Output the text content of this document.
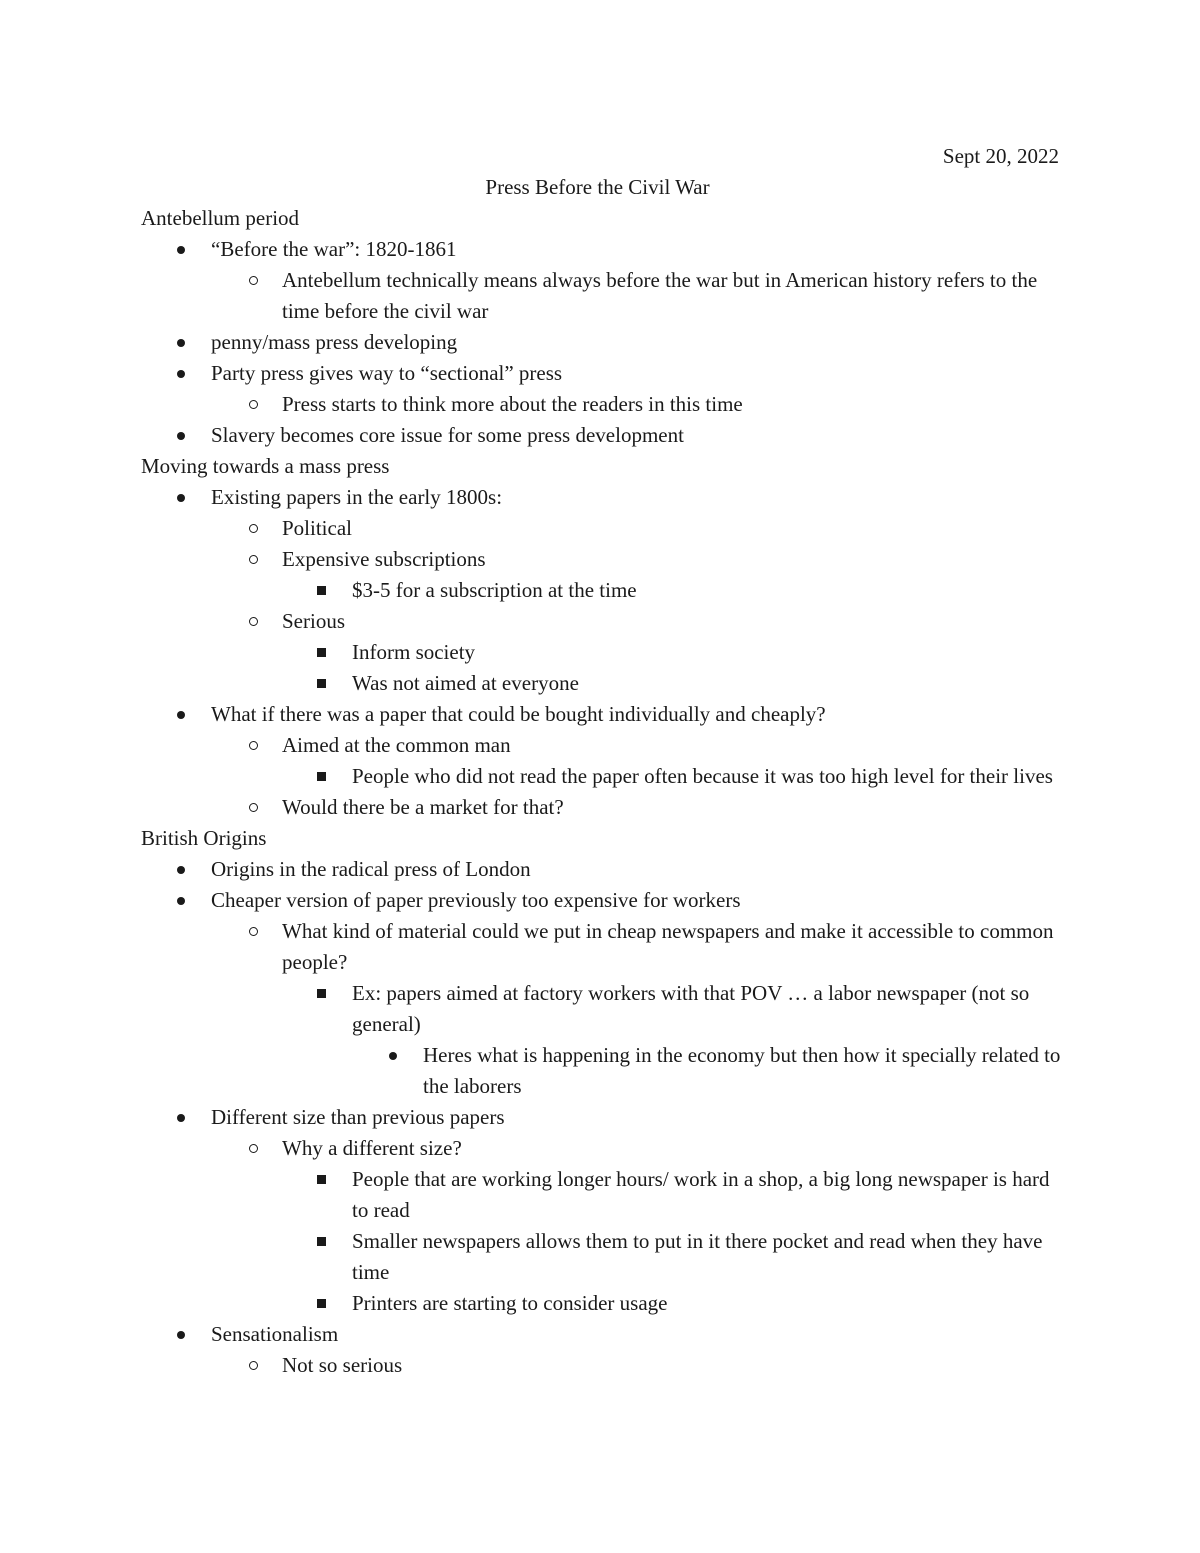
Sept 20, 2022

Press Before the Civil War

Antebellum period

“Before the war”: 1820-1861
Antebellum technically means always before the war but in American history refers to the time before the civil war
penny/mass press developing
Party press gives way to “sectional” press
Press starts to think more about the readers in this time
Slavery becomes core issue for some press development

Moving towards a mass press

Existing papers in the early 1800s:
Political
Expensive subscriptions
$3-5 for a subscription at the time
Serious
Inform society
Was not aimed at everyone
What if there was a paper that could be bought individually and cheaply?
Aimed at the common man
People who did not read the paper often because it was too high level for their lives
Would there be a market for that?

British Origins

Origins in the radical press of London
Cheaper version of paper previously too expensive for workers
What kind of material could we put in cheap newspapers and make it accessible to common people?
Ex: papers aimed at factory workers with that POV … a labor newspaper (not so general)
Heres what is happening in the economy but then how it specially related to the laborers
Different size than previous papers
Why a different size?
People that are working longer hours/ work in a shop, a big long newspaper is hard to read
Smaller newspapers allows them to put in it there pocket and read when they have time
Printers are starting to consider usage
Sensationalism
Not so serious
